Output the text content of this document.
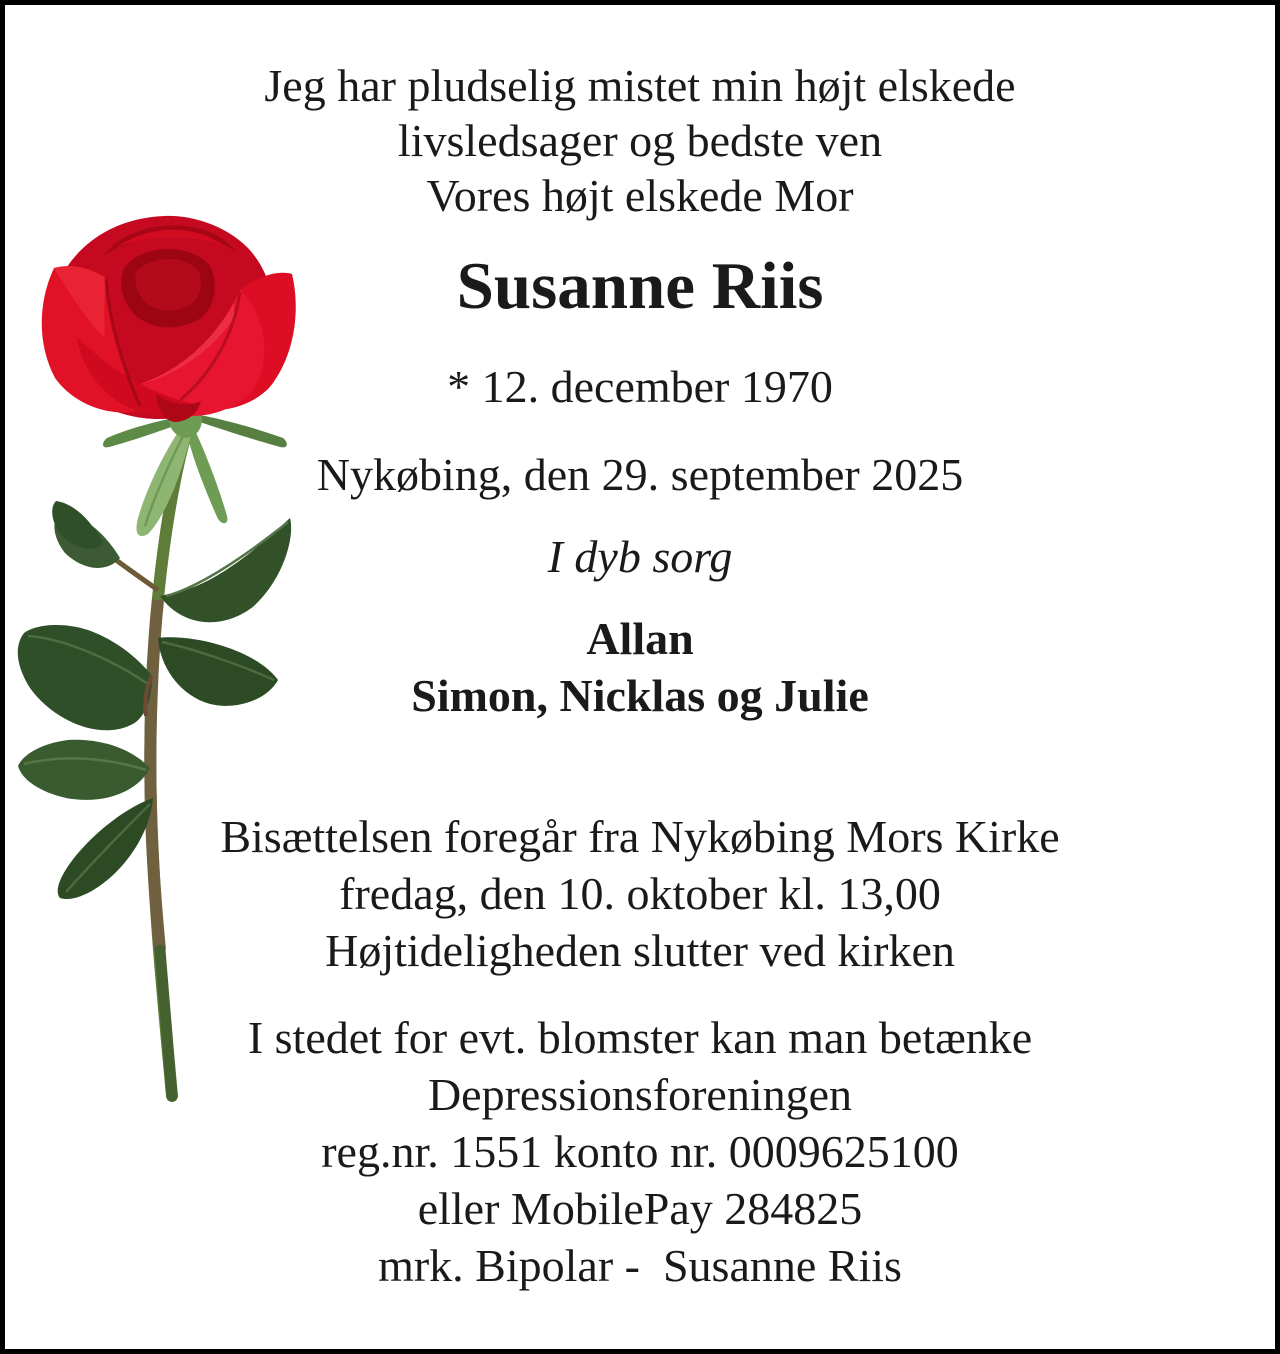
Jeg har pludselig mistet min højt elskede
livsledsager og bedste ven
Vores højt elskede Mor
Susanne Riis
* 12. december 1970
Nykøbing, den 29. september 2025
I dyb sorg
Allan
Simon, Nicklas og Julie
Bisættelsen foregår fra Nykøbing Mors Kirke
fredag, den 10. oktober kl. 13,00
Højtideligheden slutter ved kirken
I stedet for evt. blomster kan man betænke
Depressionsforeningen
reg.nr. 1551 konto nr. 0009625100
eller MobilePay 284825
mrk. Bipolar -  Susanne Riis
